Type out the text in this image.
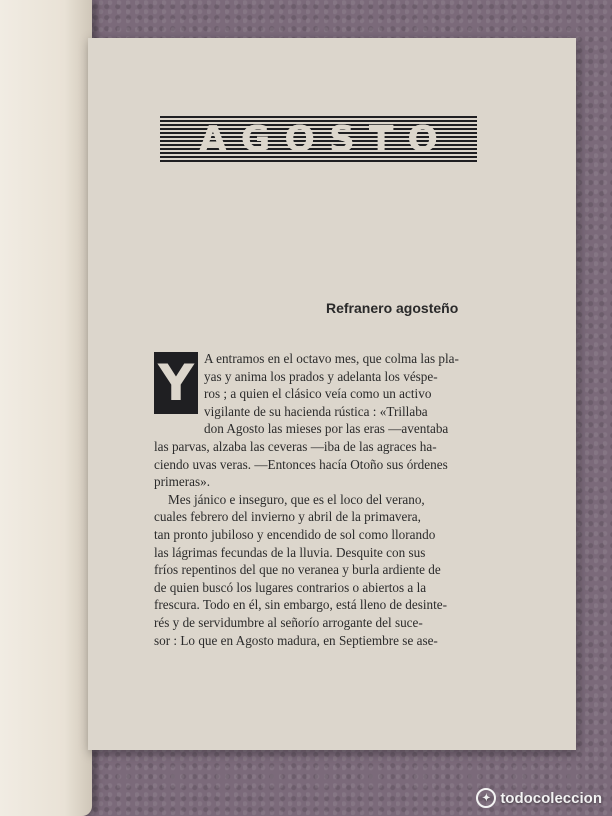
AGOSTO
Refranero agosteño
Y A entramos en el octavo mes, que colma las pla-
yas y anima los prados y adelanta los véspe-
ros ; a quien el clásico veía como un activo
vigilante de su hacienda rústica : «Trillaba
don Agosto las mieses por las eras —aventaba
las parvas, alzaba las ceveras —iba de las agraces ha-
ciendo uvas veras. —Entonces hacía Otoño sus órdenes
primeras».
Mes jánico e inseguro, que es el loco del verano,
cuales febrero del invierno y abril de la primavera,
tan pronto jubiloso y encendido de sol como llorando
las lágrimas fecundas de la lluvia. Desquite con sus
fríos repentinos del que no veranea y burla ardiente de
de quien buscó los lugares contrarios o abiertos a la
frescura. Todo en él, sin embargo, está lleno de desinte-
rés y de servidumbre al señorío arrogante del suce-
sor : Lo que en Agosto madura, en Septiembre se ase-
✦ todocoleccion
